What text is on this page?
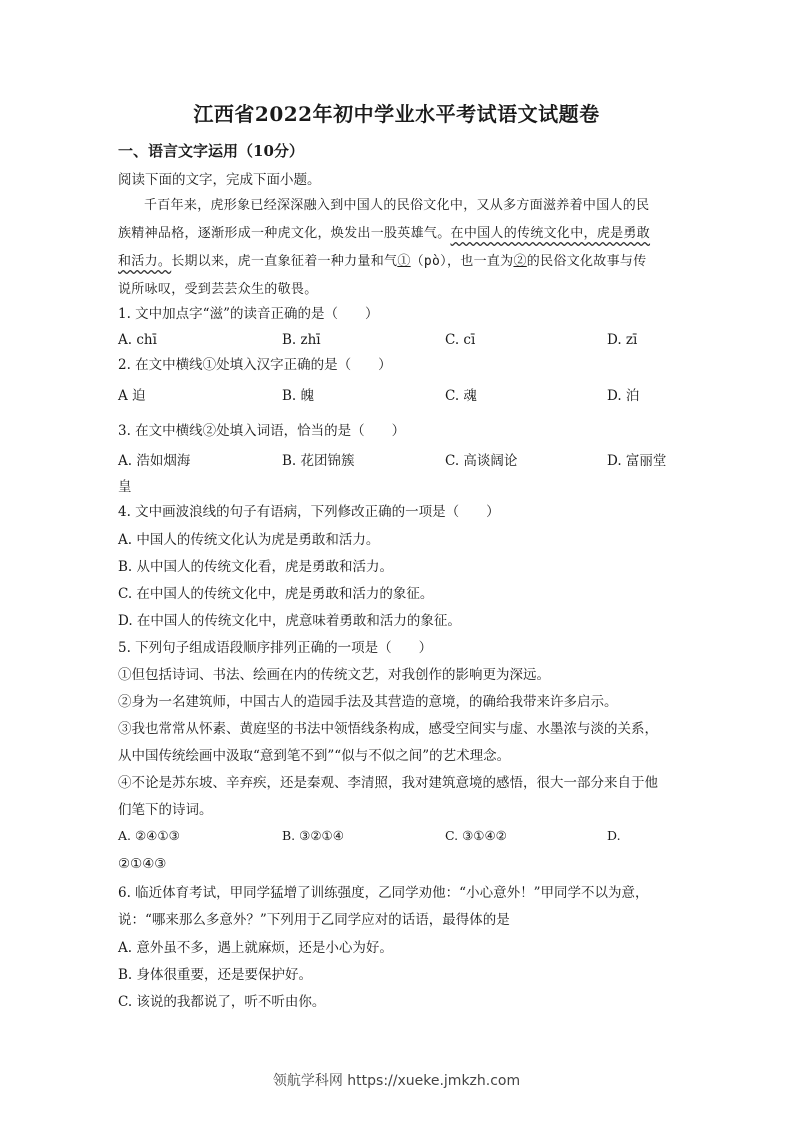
江西省2022年初中学业水平考试语文试题卷
一、语言文字运用（10分）
阅读下面的文字，完成下面小题。
千百年来，虎形象已经深深融入到中国人的民俗文化中，又从多方面滋养着中国人的民
族精神品格，逐渐形成一种虎文化，焕发出一股英雄气。在中国人的传统文化中，虎是勇敢
和活力。长期以来，虎一直象征着一种力量和气①（pò），也一直为②的民俗文化故事与传
说所咏叹，受到芸芸众生的敬畏。
1. 文中加点字“滋”的读音正确的是（　　）
A. chī	B. zhī	C. cī	D. zī
2. 在文中横线①处填入汉字正确的是（　　）
A 迫	B. 魄	C. 魂	D. 泊
3. 在文中横线②处填入词语，恰当的是（　　）
A. 浩如烟海	B. 花团锦簇	C. 高谈阔论	D. 富丽堂
皇
4. 文中画波浪线的句子有语病，下列修改正确的一项是（　　）
A. 中国人的传统文化认为虎是勇敢和活力。
B. 从中国人的传统文化看，虎是勇敢和活力。
C. 在中国人的传统文化中，虎是勇敢和活力的象征。
D. 在中国人的传统文化中，虎意味着勇敢和活力的象征。
5. 下列句子组成语段顺序排列正确的一项是（　　）
①但包括诗词、书法、绘画在内的传统文艺，对我创作的影响更为深远。
②身为一名建筑师，中国古人的造园手法及其营造的意境，的确给我带来许多启示。
③我也常常从怀素、黄庭坚的书法中领悟线条构成，感受空间实与虚、水墨浓与淡的关系，
从中国传统绘画中汲取“意到笔不到”“似与不似之间”的艺术理念。
④不论是苏东坡、辛弃疾，还是秦观、李清照，我对建筑意境的感悟，很大一部分来自于他
们笔下的诗词。
A. ②④①③	B. ③②①④	C. ③①④②	D.
②①④③
6. 临近体育考试，甲同学猛增了训练强度，乙同学劝他：“小心意外！”甲同学不以为意，
说：“哪来那么多意外？”下列用于乙同学应对的话语，最得体的是
A. 意外虽不多，遇上就麻烦，还是小心为好。
B. 身体很重要，还是要保护好。
C. 该说的我都说了，听不听由你。
领航学科网 https://xueke.jmkzh.com
